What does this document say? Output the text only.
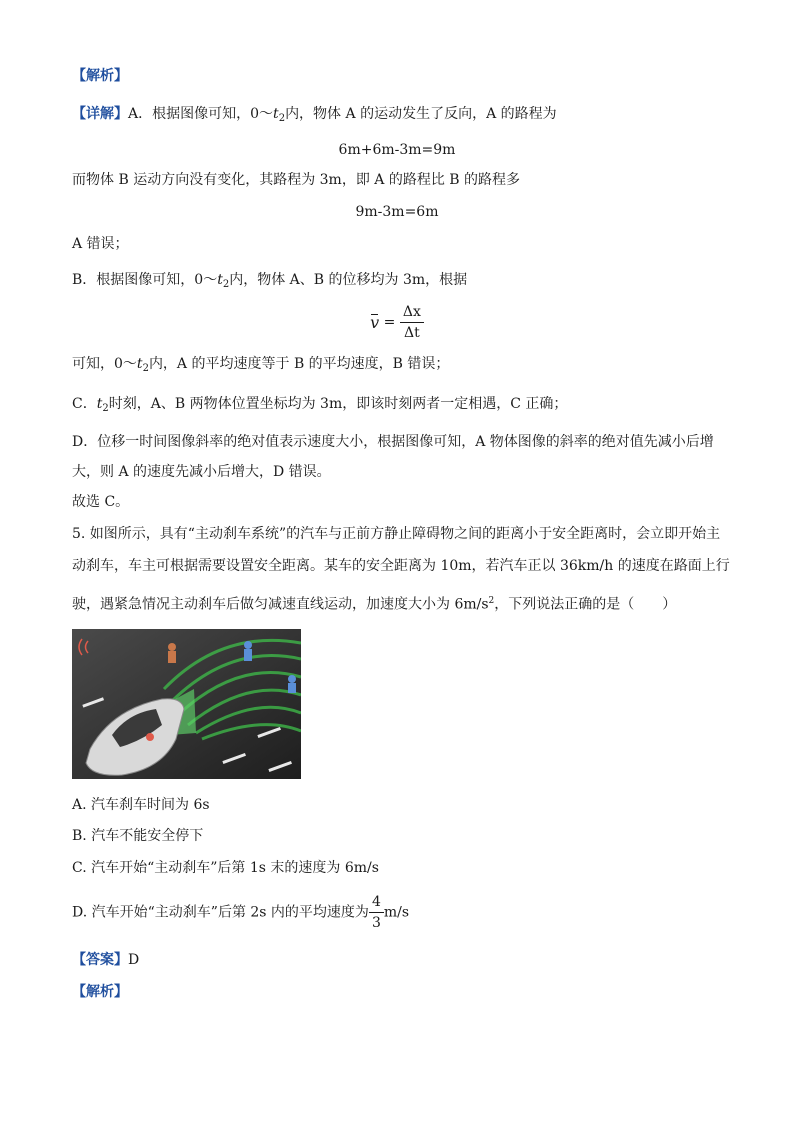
【解析】
【详解】A．根据图像可知，$0\sim t_2$内，物体 A 的运动发生了反向，A 的路程为
6m+6m-3m=9m
而物体 B 运动方向没有变化，其路程为 3m，即 A 的路程比 B 的路程多
9m-3m=6m
A 错误；
B．根据图像可知，$0\sim t_2$内，物体 A、B 的位移均为 3m，根据
$v = \frac{\Delta x}{\Delta t}$
可知，$0\sim t_2$内，A 的平均速度等于 B 的平均速度，B 错误；
C．$t_2$时刻，A、B 两物体位置坐标均为 3m，即该时刻两者一定相遇，C 正确；
D．位移一时间图像斜率的绝对值表示速度大小，根据图像可知，A 物体图像的斜率的绝对值先减小后增
大，则 A 的速度先减小后增大，D 错误。
故选 C。
5. 如图所示，具有“主动刹车系统”的汽车与正前方静止障碍物之间的距离小于安全距离时，会立即开始主
动刹车，车主可根据需要设置安全距离。某车的安全距离为 10m，若汽车正以 36km/h 的速度在路面上行
驶，遇紧急情况主动刹车后做匀减速直线运动，加速度大小为 $6m/s^2$，下列说法正确的是（　　）
A. 汽车刹车时间为 6s
B. 汽车不能安全停下
C. 汽车开始“主动刹车”后第 1s 末的速度为 6m/s
D. 汽车开始“主动刹车”后第 2s 内的平均速度为 $\frac{4}{3} m/s$
【答案】D
【解析】
